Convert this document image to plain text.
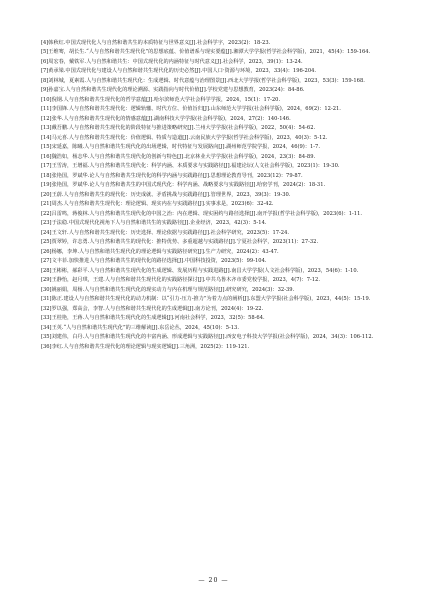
[4]韩秋红.中国式现代化人与自然和谐共生的本质特征与世界意义[J].社会科学字，2023(2)：18-23.

[5]王维骞，胡长生.“人与自然和谐共生现代化”的思想底蕴、价值谱系与现实要蕴[J].湘潭大学学报(哲学社会科学版)，2021，45(4)：159-164.

[6]周宏春，戴铁军.人与自然和谐共生：中国式现代化的内涵特征与时代意义[J].社会科学，2023，39(1)：13-24.

[7]黄承梁.中国式现代化与建设人与自然和谐共生现代化的历史必然[J].中国人口·资源与环境，2023，33(4)：196-204.

[8]刘林城，夏素霞.人与自然和谐共生现代化：生成逻辑、时代意蕴与治理图景[J].西北大学学报(哲学社会科学版)，2023，53(3)：159-168.

[9]孙嘉宝.人与自然和谐共生现代化的理论溯源、实践指向与时代价值[J].学校党建与思想教育，2023(24)：84-86.

[10]倪钢.人与自然和谐共生现代化的哲学意蕴[J].哈尔滨师范大学社会科学学报，2024，15(1)：17-20.

[11]李国锋.人与自然和谐共生现代化：逻辑轨辙、时代方位、价值旨归[J].山东师范大学学报(社会科学版)，2024，69(2)：12-21.

[12]张华.人与自然和谐共生现代化的情感意蕴[J].湖南科技大学学报(社会科学版)，2024，27(2)：140-146.

[13]戴吾鹏.人与自然和谐共生现代化的阶段特征与推进策略研究[J].兰州大学学报(社会科学版)，2022，50(4)：54-62.

[14]马元喜.人与自然和谐共生现代化：价值逻辑、特质与造道[J].云南民族大学学报(哲学社会科学版)，2023，40(3)：5-12.

[15]宋延嘉，陈曦.人与自然和谐共生现代化的出场逻辑，时代特征与发展路向[J].湖州师范学院学报，2024，46(9)：1-7.

[16]魏浩如，杨志华.人与自然和谐共生现代化的创新与特色[J].北京林业大学学报(社会科学版)，2024，23(3)：84-89.

[17]王雪涛，王增福.人与自然和谐共生现代化：科学内涵、本质要求与实践路径[J].福建论坛(人文社会科学版)，2023(1)：19-30.

[18]张艳国，罗斌华.论人与自然和谐共生现代化的科学内涵与实践路径[J].思想理论教育导刊，2023(12)：79-87.

[19]张艳国，罗斌华.论人与自然和谐共生的中国式现代化：科学内涵、战略要求与实践路径[J].哈密学刊，2024(2)：18-31.

[20]王蔚.人与自然和谐共生的现代化：历史成就、矛盾挑战与实践路径[J].管理世界，2023，39(3)：19-30.

[21]周杰.人与自然和谐共生现代化：理论逻辑、现实内在与实践路径[J].实事求是，2023(6)：32-42.

[22]吕雷鸣，蒋俊林.人与自然和谐共生现代化的中国之治：内在逻辑、现实困约与路径选择[J].南开学报(哲学社会科学版)，2023(6)：1-11.

[23]于法稳.中国式现代化视角下人与自然和谐共生的实践路径[J].企业经济，2023，42(3)：5-14.

[24]王文轩.人与自然和谐共生现代化：历史选择、理论依据与实践路径[J].社会科学研究，2023(5)：17-24.

[25]贾翠婷，许志勇.人与自然和谐共生的现代化：推特优势、多重超越与实践路径[J].宁夏社会科学，2023(11)：27-32.

[26]杨娜，李坤.人与自然和谐共生现代化的理论逻辑与实践路径研究[J].生产力研究，2024(2)：43-47.

[27]文丰菲.加快推进人与自然和谐共生的现代化的路径选择[J].中国科技投资，2023(5)：99-104.

[28]王彬彬，郝彩平.人与自然和谐共生现代化的生成逻辑、发展历程与实践进路[J].南昌大学学报(人文社会科学版)，2023，54(6)：1-10.

[29]王静怡，赵月琪，王建.人与自然和谐共生现代化的实践路径探讨[J].中共乌鲁木齐市委党校学报，2023，4(7)：7-12.

[30]姚丽娟，周杨.人与自然和谐共生现代化的现实动力与内在机理与规范路径[J].研究研究，2024(3)：32-39.

[31]陈正.建设人与自然和谐共生现代化的动力机制：以“引力-压力-推力”为着力点的阐析[J].东盟大学学报(社会科学版)，2023，44(5)：15-19.

[32]罗以强，郑高会，李智.人与自然和谐共生现代化的生成逻辑[J].南方论刊，2024(4)：19-22.

[33]王桂艳，王蒋.人与自然和谐共生现代化的生成逻辑[J].河南社会科学，2023，32(5)：58-64.

[34]王英.“人与自然和谐共生现代化”的三维解读[J].东岳论丛，2024，45(10)：5-13.

[35]刘建伟，白丹.人与自然和谐共生现代化的丰富内涵、形成逻辑与实践路径[J].西安电子科技大学学报(社会科学版)，2024，34(3)：106-112.

[36]李红.人与自然和谐共生现代化的理论逻辑与现实逻辑[J].三角洲，2025(2)：119-121.

— 20 —
